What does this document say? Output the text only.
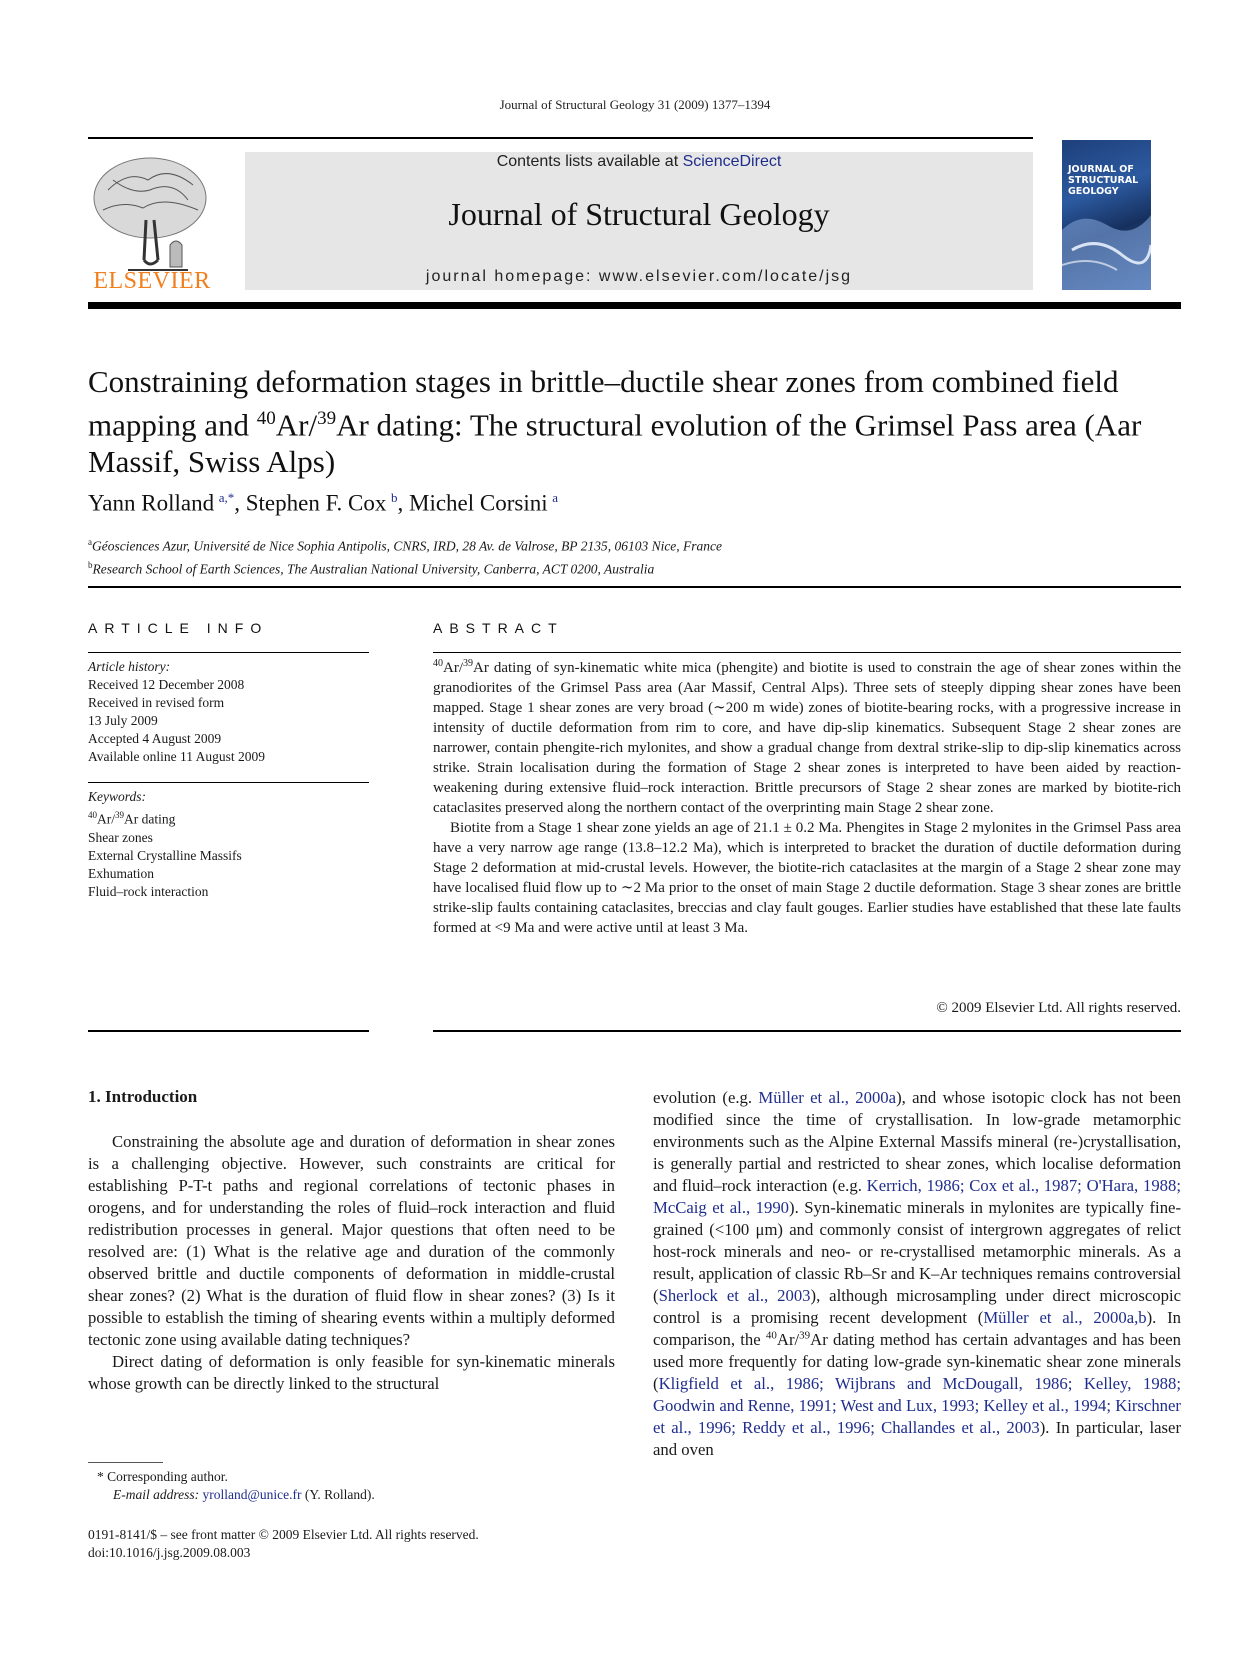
Journal of Structural Geology 31 (2009) 1377–1394
ELSEVIER
Contents lists available at ScienceDirect
Journal of Structural Geology
journal homepage: www.elsevier.com/locate/jsg
JOURNAL OF STRUCTURAL GEOLOGY
Constraining deformation stages in brittle–ductile shear zones from combined field mapping and $^{40}$Ar/$^{39}$Ar dating: The structural evolution of the Grimsel Pass area (Aar Massif, Swiss Alps)
Yann Rolland  $^{a,*}$, Stephen F. Cox  $^b$, Michel Corsini  $^a$
$^a$Géosciences Azur, Université de Nice Sophia Antipolis, CNRS, IRD, 28 Av. de Valrose, BP 2135, 06103 Nice, France
$^b$Research School of Earth Sciences, The Australian National University, Canberra, ACT 0200, Australia
ARTICLE INFO	ABSTRACT
Article history:
Received 12 December 2008
Received in revised form
13 July 2009
Accepted 4 August 2009
Available online 11 August 2009
Keywords:
$^{40}$Ar/$^{39}$Ar dating
Shear zones
External Crystalline Massifs
Exhumation
Fluid–rock interaction

$^{40}$Ar/$^{39}$Ar dating of syn-kinematic white mica (phengite) and biotite is used to constrain the age of shear zones within the granodiorites of the Grimsel Pass area (Aar Massif, Central Alps). Three sets of steeply dipping shear zones have been mapped. Stage 1 shear zones are very broad (∼200 m wide) zones of biotite-bearing rocks, with a progressive increase in intensity of ductile deformation from rim to core, and have dip-slip kinematics. Subsequent Stage 2 shear zones are narrower, contain phengite-rich mylonites, and show a gradual change from dextral strike-slip to dip-slip kinematics across strike. Strain localisation during the formation of Stage 2 shear zones is interpreted to have been aided by reaction-weakening during extensive fluid–rock interaction. Brittle precursors of Stage 2 shear zones are marked by biotite-rich cataclasites preserved along the northern contact of the overprinting main Stage 2 shear zone.

Biotite from a Stage 1 shear zone yields an age of 21.1 ± 0.2 Ma. Phengites in Stage 2 mylonites in the Grimsel Pass area have a very narrow age range (13.8–12.2 Ma), which is interpreted to bracket the duration of ductile deformation during Stage 2 deformation at mid-crustal levels. However, the biotite-rich cataclasites at the margin of a Stage 2 shear zone may have localised fluid flow up to ∼2 Ma prior to the onset of main Stage 2 ductile deformation. Stage 3 shear zones are brittle strike-slip faults containing cataclasites, breccias and clay fault gouges. Earlier studies have established that these late faults formed at <9 Ma and were active until at least 3 Ma.

© 2009 Elsevier Ltd. All rights reserved.
1. Introduction

Constraining the absolute age and duration of deformation in shear zones is a challenging objective. However, such constraints are critical for establishing P-T-t paths and regional correlations of tectonic phases in orogens, and for understanding the roles of fluid–rock interaction and fluid redistribution processes in general. Major questions that often need to be resolved are: (1) What is the relative age and duration of the commonly observed brittle and ductile components of deformation in middle-crustal shear zones? (2) What is the duration of fluid flow in shear zones? (3) Is it possible to establish the timing of shearing events within a multiply deformed tectonic zone using available dating techniques?

Direct dating of deformation is only feasible for syn-kinematic minerals whose growth can be directly linked to the structural

evolution (e.g. Müller et al., 2000a), and whose isotopic clock has not been modified since the time of crystallisation. In low-grade metamorphic environments such as the Alpine External Massifs mineral (re-)crystallisation, is generally partial and restricted to shear zones, which localise deformation and fluid–rock interaction (e.g. Kerrich, 1986; Cox et al., 1987; O'Hara, 1988; McCaig et al., 1990). Syn-kinematic minerals in mylonites are typically fine-grained (<100 μm) and commonly consist of intergrown aggregates of relict host-rock minerals and neo- or re-crystallised metamorphic minerals. As a result, application of classic Rb–Sr and K–Ar techniques remains controversial (Sherlock et al., 2003), although microsampling under direct microscopic control is a promising recent development (Müller et al., 2000a,b). In comparison, the $^{40}$Ar/$^{39}$Ar dating method has certain advantages and has been used more frequently for dating low-grade syn-kinematic shear zone minerals (Kligfield et al., 1986; Wijbrans and McDougall, 1986; Kelley, 1988; Goodwin and Renne, 1991; West and Lux, 1993; Kelley et al., 1994; Kirschner et al., 1996; Reddy et al., 1996; Challandes et al., 2003). In particular, laser and oven

* Corresponding author.
E-mail address: yrolland@unice.fr (Y. Rolland).
0191-8141/$ – see front matter © 2009 Elsevier Ltd. All rights reserved.
doi:10.1016/j.jsg.2009.08.003
